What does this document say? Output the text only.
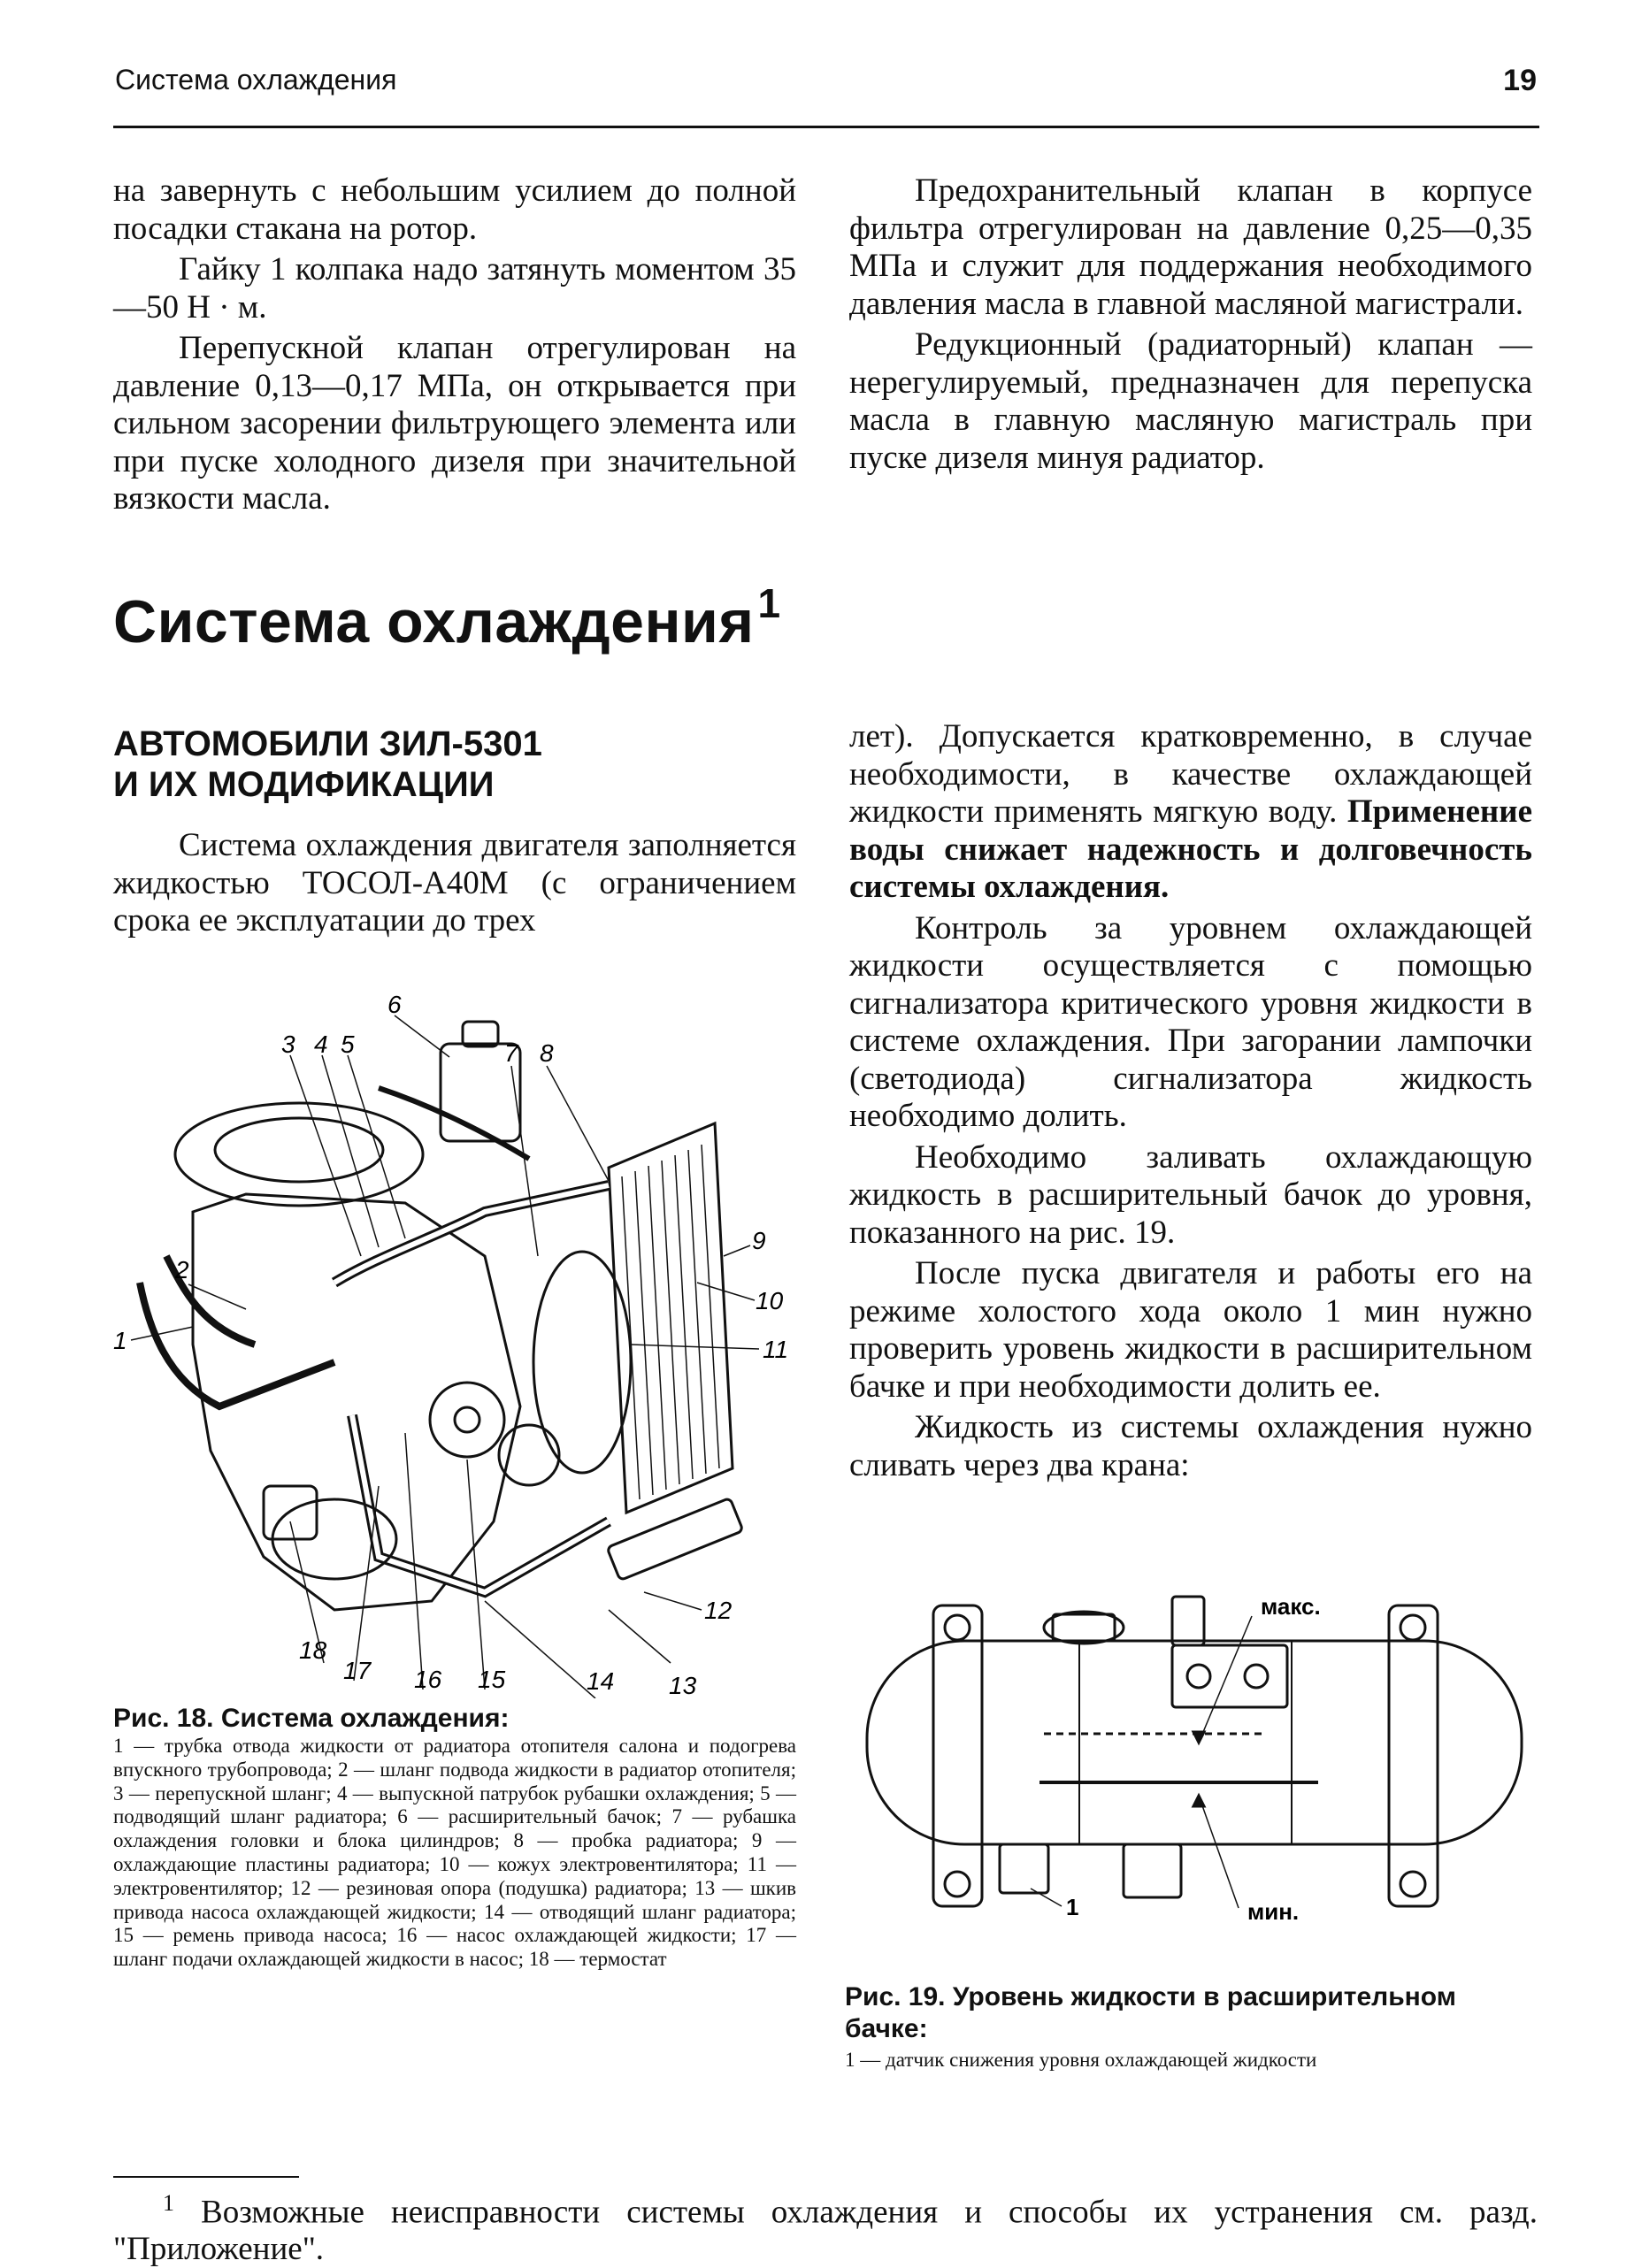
Система охлаждения	19

на завернуть с небольшим усилием до полной посадки стакана на ротор.

Гайку 1 колпака надо затянуть моментом 35—50 Н · м.

Перепускной клапан отрегулирован на давление 0,13—0,17 МПа, он открывается при сильном засорении фильтрующего элемента или при пуске холодного дизеля при значительной вязкости масла.

Предохранительный клапан в корпусе фильтра отрегулирован на давление 0,25—0,35 МПа и служит для поддержания необходимого давления масла в главной масляной магистрали.

Редукционный (радиаторный) клапан — нерегулируемый, предназначен для перепуска масла в главную масляную магистраль при пуске дизеля минуя радиатор.

Система охлаждения$^1$
АВТОМОБИЛИ ЗИЛ-5301
И ИХ МОДИФИКАЦИИ

Система охлаждения двигателя заполняется жидкостью ТОСОЛ-А40М (с ограничением срока ее эксплуатации до трех

1
2
3 4 5
6
7 8
9
10
11
12
13
14
15
16
17
18
Рис. 18. Система охлаждения:
1 — трубка отвода жидкости от радиатора отопителя салона и подогрева впускного трубопровода; 2 — шланг подвода жидкости в радиатор отопителя; 3 — перепускной шланг; 4 — выпускной патрубок рубашки охлаждения; 5 — подводящий шланг радиатора; 6 — расширительный бачок; 7 — рубашка охлаждения головки и блока цилиндров; 8 — пробка радиатора; 9 — охлаждающие пластины радиатора; 10 — кожух электровентилятора; 11 — электровентилятор; 12 — резиновая опора (подушка) радиатора; 13 — шкив привода насоса охлаждающей жидкости; 14 — отводящий шланг радиатора; 15 — ремень привода насоса; 16 — насос охлаждающей жидкости; 17 — шланг подачи охлаждающей жидкости в насос; 18 — термостат

лет). Допускается кратковременно, в случае необходимости, в качестве охлаждающей жидкости применять мягкую воду. Применение воды снижает надежность и долговечность системы охлаждения.

Контроль за уровнем охлаждающей жидкости осуществляется с помощью сигнализатора критического уровня жидкости в системе охлаждения. При загорании лампочки (светодиода) сигнализатора жидкость необходимо долить.

Необходимо заливать охлаждающую жидкость в расширительный бачок до уровня, показанного на рис. 19.

После пуска двигателя и работы его на режиме холостого хода около 1 мин нужно проверить уровень жидкости в расширительном бачке и при необходимости долить ее.

Жидкость из системы охлаждения нужно сливать через два крана:

макс.
мин.
1
Рис. 19. Уровень жидкости в расширительном бачке:
1 — датчик снижения уровня охлаждающей жидкости
$^1$ Возможные неисправности системы охлаждения и способы их устранения см. разд. "Приложение".
